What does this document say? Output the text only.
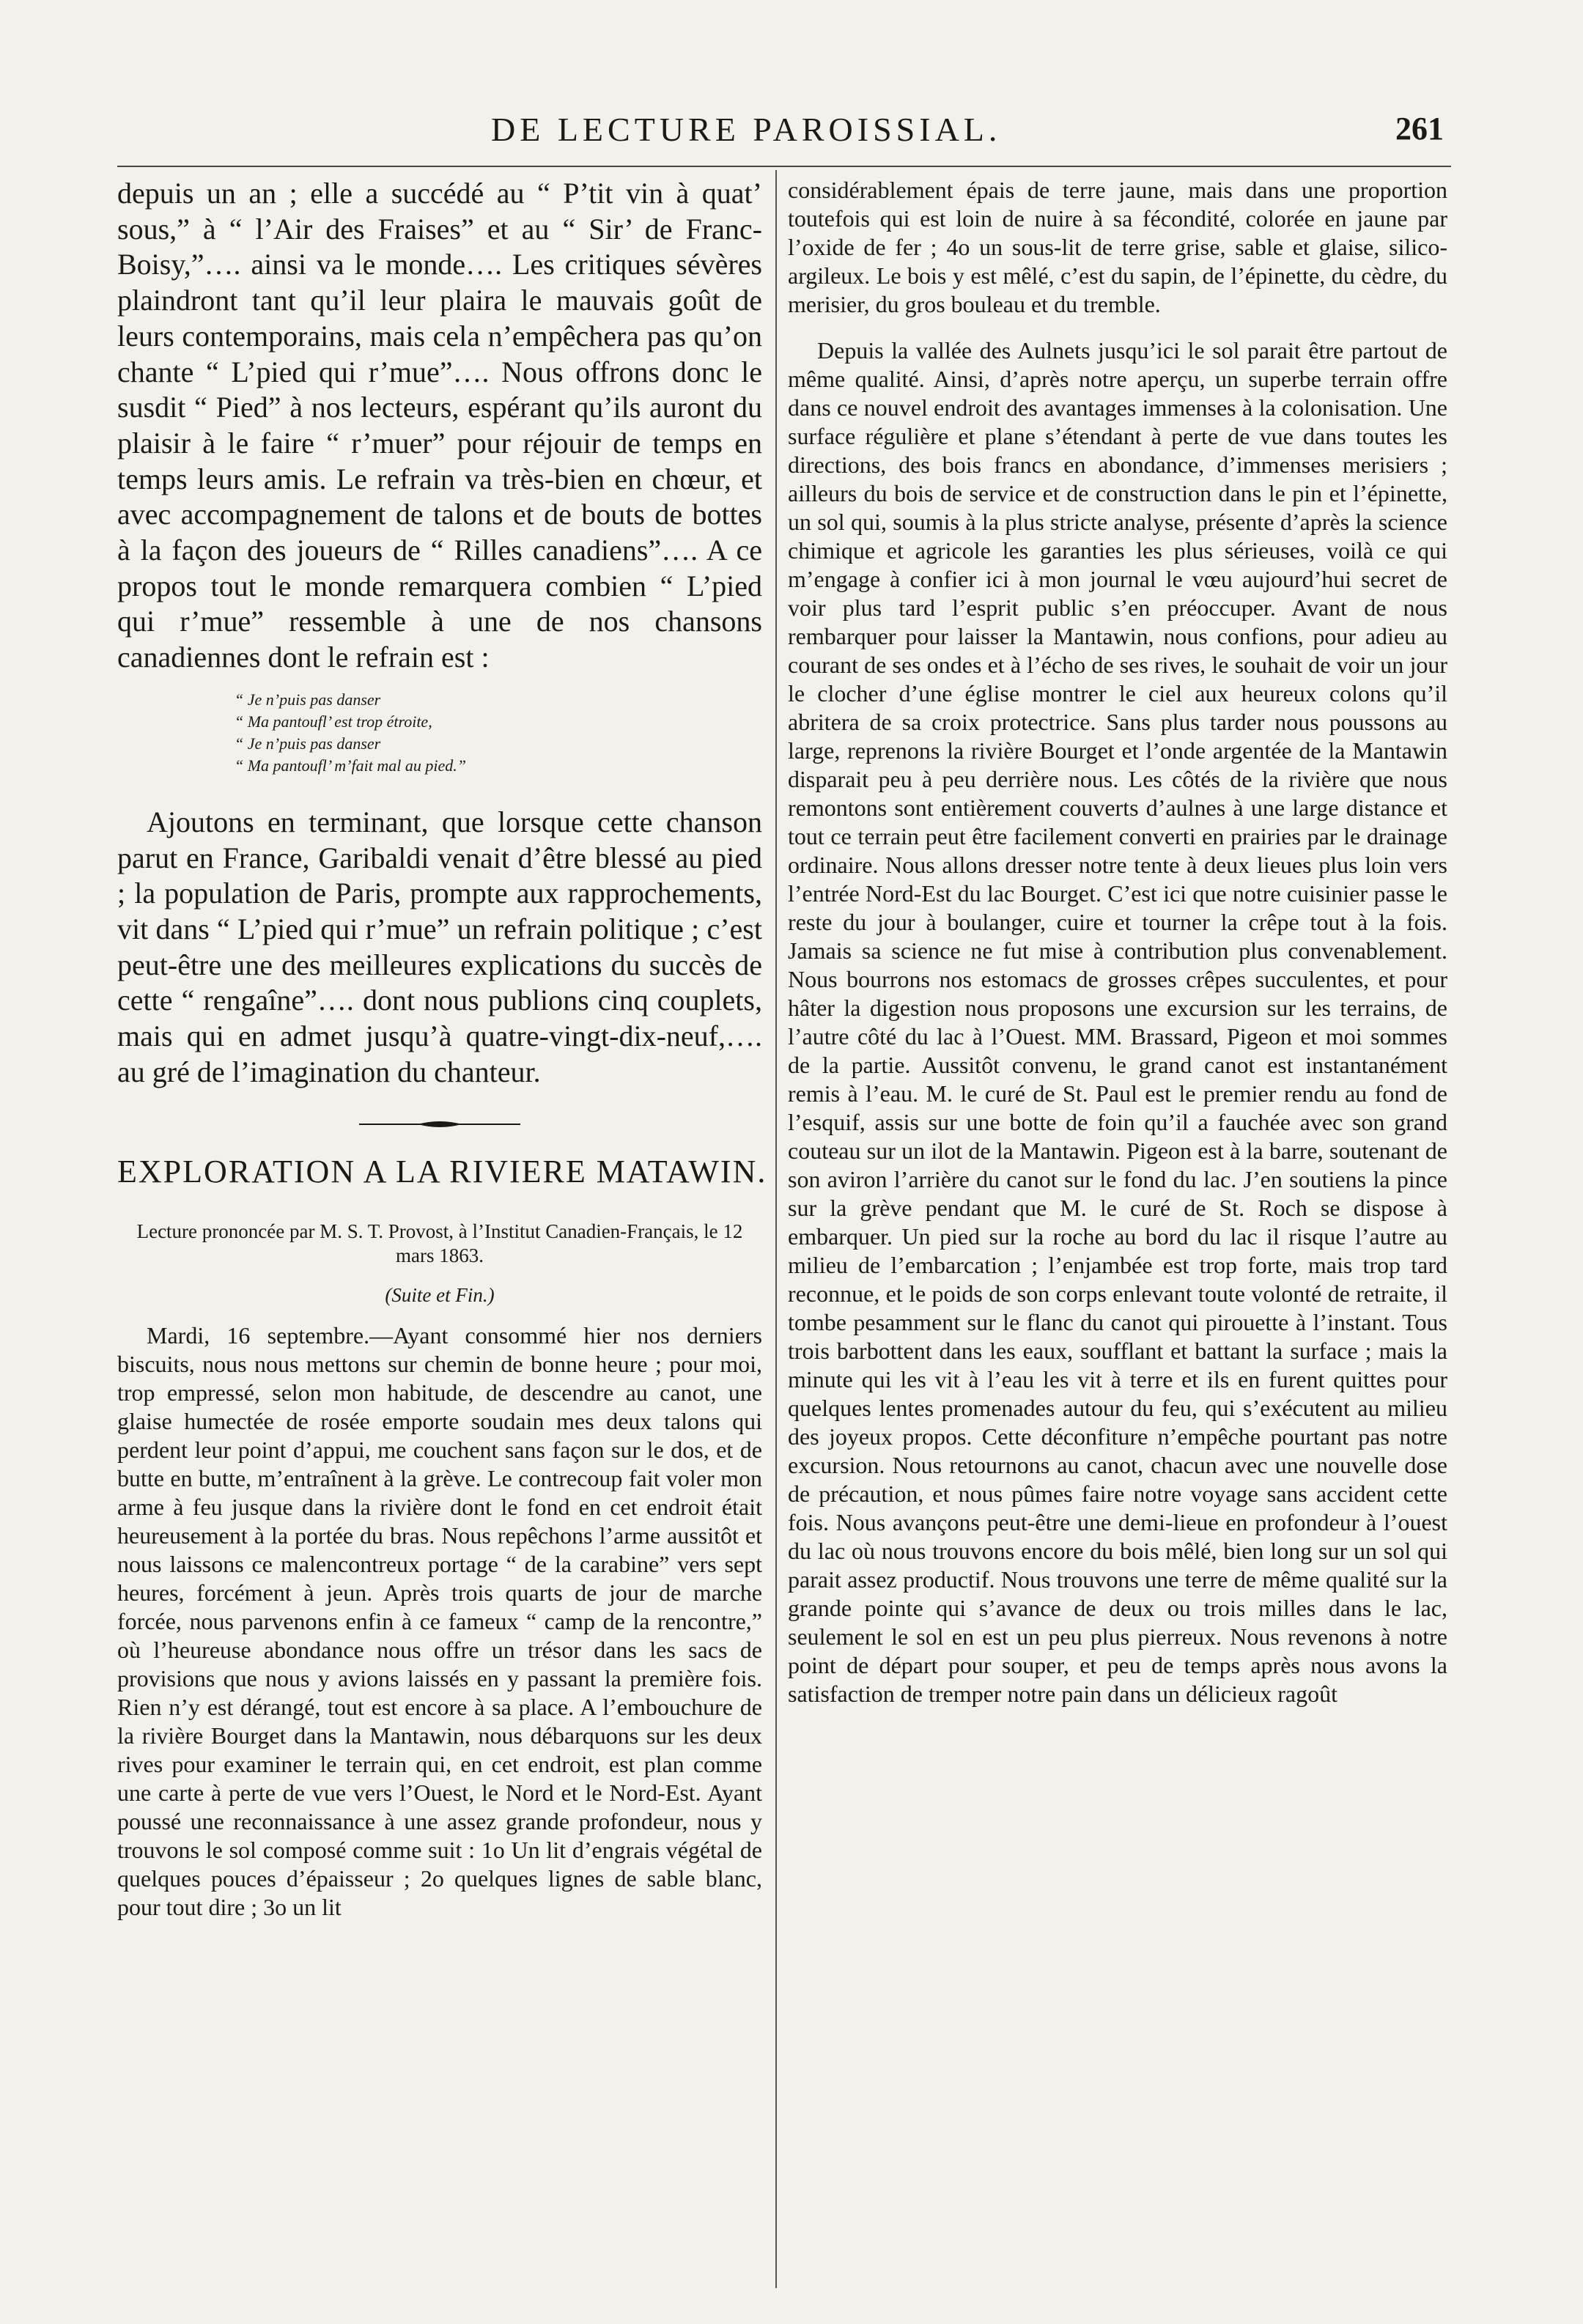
DE LECTURE PAROISSIAL.	261

depuis un an ; elle a succédé au “ P’tit vin à quat’ sous,” à “ l’Air des Fraises” et au “ Sir’ de Franc-Boisy,”…. ainsi va le monde…. Les critiques sévères plaindront tant qu’il leur plaira le mauvais goût de leurs contemporains, mais cela n’empêchera pas qu’on chante “ L’pied qui r’mue”…. Nous offrons donc le susdit “ Pied” à nos lecteurs, espérant qu’ils auront du plaisir à le faire “ r’muer” pour réjouir de temps en temps leurs amis. Le refrain va très-bien en chœur, et avec accompagnement de talons et de bouts de bottes à la façon des joueurs de “ Rilles canadiens”…. A ce propos tout le monde remarquera combien “ L’pied qui r’mue” ressemble à une de nos chansons canadiennes dont le refrain est :

“ Je n’puis pas danser
“ Ma pantoufl’ est trop étroite,
“ Je n’puis pas danser
“ Ma pantoufl’ m’fait mal au pied.”

Ajoutons en terminant, que lorsque cette chanson parut en France, Garibaldi venait d’être blessé au pied ; la population de Paris, prompte aux rapprochements, vit dans “ L’pied qui r’mue” un refrain politique ; c’est peut-être une des meilleures explications du succès de cette “ rengaîne”…. dont nous publions cinq couplets, mais qui en admet jusqu’à quatre-vingt-dix-neuf,…. au gré de l’imagination du chanteur.

EXPLORATION A LA RIVIERE MATAWIN.
Lecture prononcée par M. S. T. Provost, à l’Institut Canadien-Français, le 12 mars 1863.
(Suite et Fin.)

Mardi, 16 septembre.—Ayant consommé hier nos derniers biscuits, nous nous mettons sur chemin de bonne heure ; pour moi, trop empressé, selon mon habitude, de descendre au canot, une glaise humectée de rosée emporte soudain mes deux talons qui perdent leur point d’appui, me couchent sans façon sur le dos, et de butte en butte, m’entraînent à la grève. Le contrecoup fait voler mon arme à feu jusque dans la rivière dont le fond en cet endroit était heureusement à la portée du bras. Nous repêchons l’arme aussitôt et nous laissons ce malencontreux portage “ de la carabine” vers sept heures, forcément à jeun. Après trois quarts de jour de marche forcée, nous parvenons enfin à ce fameux “ camp de la rencontre,” où l’heureuse abondance nous offre un trésor dans les sacs de provisions que nous y avions laissés en y passant la première fois. Rien n’y est dérangé, tout est encore à sa place. A l’embouchure de la rivière Bourget dans la Mantawin, nous débarquons sur les deux rives pour examiner le terrain qui, en cet endroit, est plan comme une carte à perte de vue vers l’Ouest, le Nord et le Nord-Est. Ayant poussé une reconnaissance à une assez grande profondeur, nous y trouvons le sol composé comme suit : 1o Un lit d’engrais végétal de quelques pouces d’épaisseur ; 2o quelques lignes de sable blanc, pour tout dire ; 3o un lit

considérablement épais de terre jaune, mais dans une proportion toutefois qui est loin de nuire à sa fécondité, colorée en jaune par l’oxide de fer ; 4o un sous-lit de terre grise, sable et glaise, silico-argileux. Le bois y est mêlé, c’est du sapin, de l’épinette, du cèdre, du merisier, du gros bouleau et du tremble.

Depuis la vallée des Aulnets jusqu’ici le sol parait être partout de même qualité. Ainsi, d’après notre aperçu, un superbe terrain offre dans ce nouvel endroit des avantages immenses à la colonisation. Une surface régulière et plane s’étendant à perte de vue dans toutes les directions, des bois francs en abondance, d’immenses merisiers ; ailleurs du bois de service et de construction dans le pin et l’épinette, un sol qui, soumis à la plus stricte analyse, présente d’après la science chimique et agricole les garanties les plus sérieuses, voilà ce qui m’engage à confier ici à mon journal le vœu aujourd’hui secret de voir plus tard l’esprit public s’en préoccuper. Avant de nous rembarquer pour laisser la Mantawin, nous confions, pour adieu au courant de ses ondes et à l’écho de ses rives, le souhait de voir un jour le clocher d’une église montrer le ciel aux heureux colons qu’il abritera de sa croix protectrice. Sans plus tarder nous poussons au large, reprenons la rivière Bourget et l’onde argentée de la Mantawin disparait peu à peu derrière nous. Les côtés de la rivière que nous remontons sont entièrement couverts d’aulnes à une large distance et tout ce terrain peut être facilement converti en prairies par le drainage ordinaire. Nous allons dresser notre tente à deux lieues plus loin vers l’entrée Nord-Est du lac Bourget. C’est ici que notre cuisinier passe le reste du jour à boulanger, cuire et tourner la crêpe tout à la fois. Jamais sa science ne fut mise à contribution plus convenablement. Nous bourrons nos estomacs de grosses crêpes succulentes, et pour hâter la digestion nous proposons une excursion sur les terrains, de l’autre côté du lac à l’Ouest. MM. Brassard, Pigeon et moi sommes de la partie. Aussitôt convenu, le grand canot est instantanément remis à l’eau. M. le curé de St. Paul est le premier rendu au fond de l’esquif, assis sur une botte de foin qu’il a fauchée avec son grand couteau sur un ilot de la Mantawin. Pigeon est à la barre, soutenant de son aviron l’arrière du canot sur le fond du lac. J’en soutiens la pince sur la grève pendant que M. le curé de St. Roch se dispose à embarquer. Un pied sur la roche au bord du lac il risque l’autre au milieu de l’embarcation ; l’enjambée est trop forte, mais trop tard reconnue, et le poids de son corps enlevant toute volonté de retraite, il tombe pesamment sur le flanc du canot qui pirouette à l’instant. Tous trois barbottent dans les eaux, soufflant et battant la surface ; mais la minute qui les vit à l’eau les vit à terre et ils en furent quittes pour quelques lentes promenades autour du feu, qui s’exécutent au milieu des joyeux propos. Cette déconfiture n’empêche pourtant pas notre excursion. Nous retournons au canot, chacun avec une nouvelle dose de précaution, et nous pûmes faire notre voyage sans accident cette fois. Nous avançons peut-être une demi-lieue en profondeur à l’ouest du lac où nous trouvons encore du bois mêlé, bien long sur un sol qui parait assez productif. Nous trouvons une terre de même qualité sur la grande pointe qui s’avance de deux ou trois milles dans le lac, seulement le sol en est un peu plus pierreux. Nous revenons à notre point de départ pour souper, et peu de temps après nous avons la satisfaction de tremper notre pain dans un délicieux ragoût
